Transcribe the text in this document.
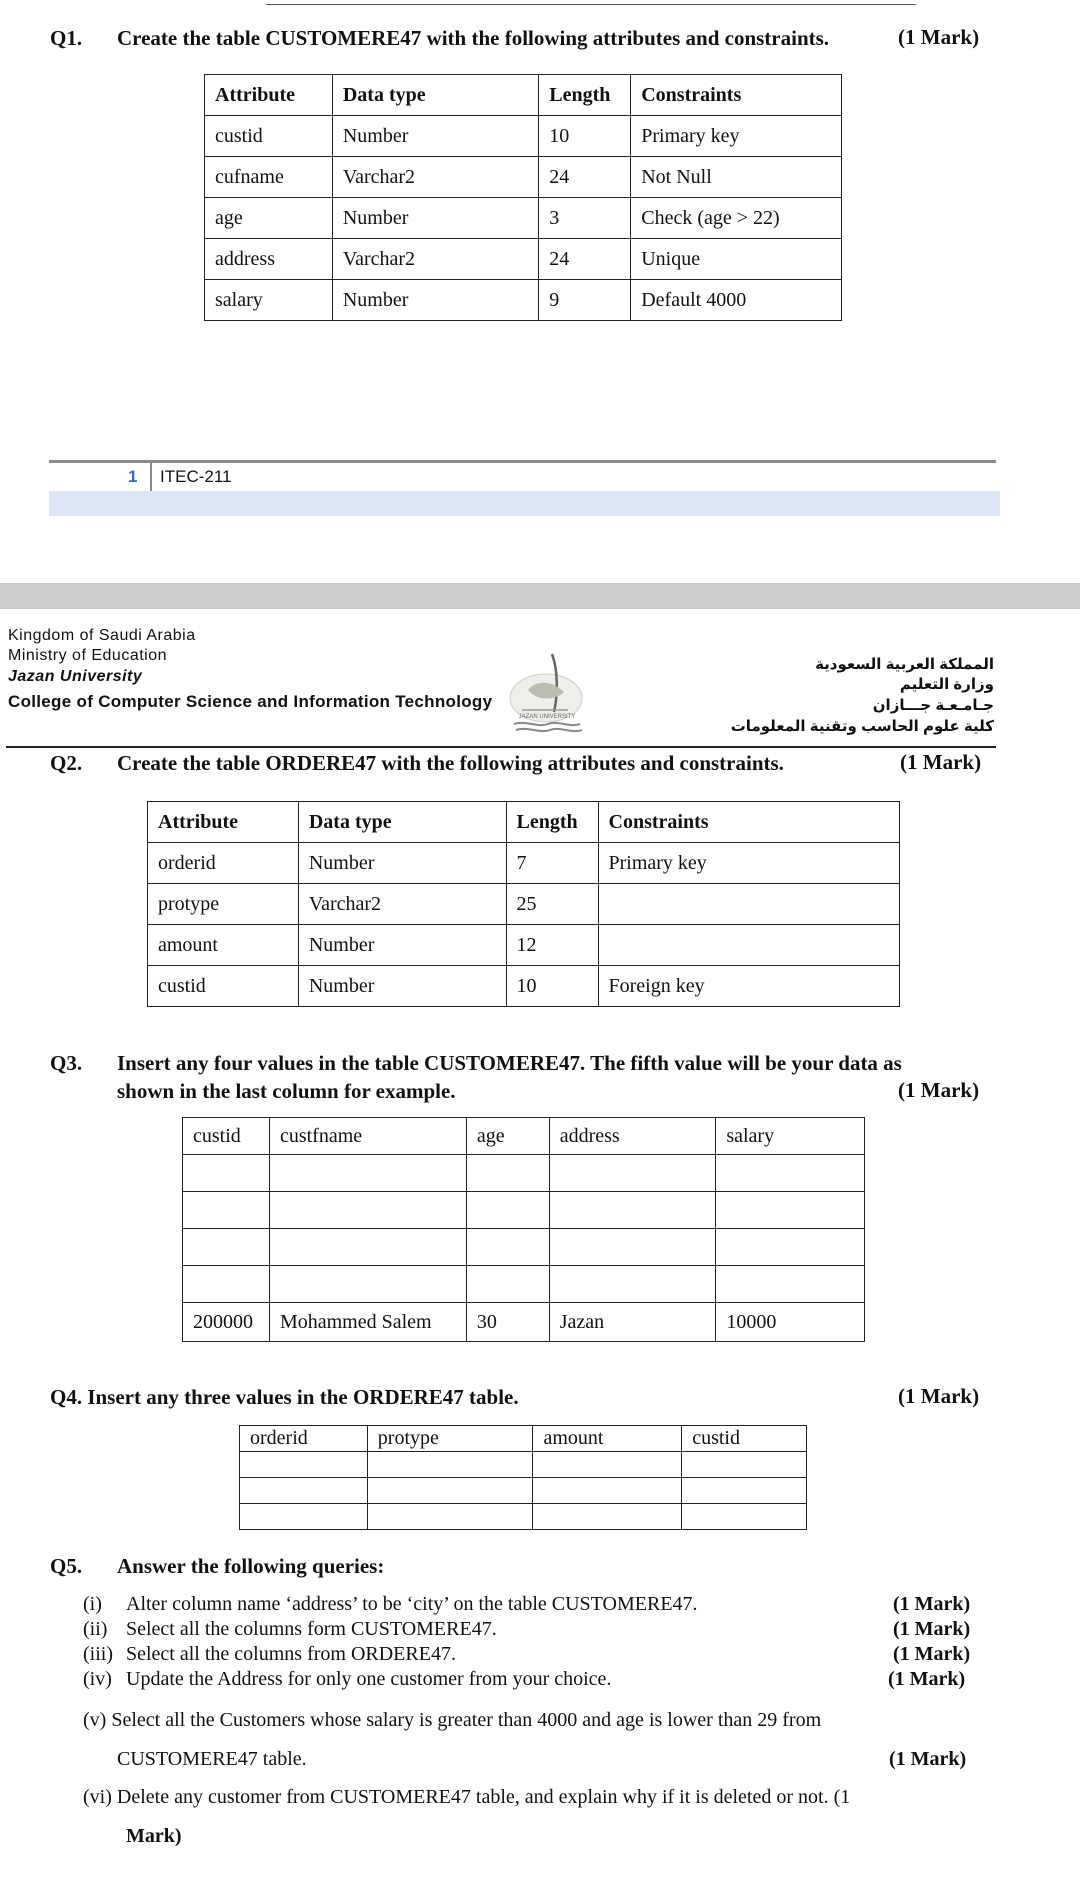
Q1. Create the table CUSTOMERE47 with the following attributes and constraints.	(1 Mark)
Attribute	Data type	Length	Constraints
custid	Number	10	Primary key
cufname	Varchar2	24	Not Null
age	Number	3	Check (age > 22)
address	Varchar2	24	Unique
salary	Number	9	Default 4000
1 ITEC-211
Kingdom of Saudi Arabia
Ministry of Education
Jazan University
College of Computer Science and Information Technology
JAZAN UNIVERSITY
المملكة العربية السعودية
وزارة التعليم
جـامـعـة جـــازان
كلية علوم الحاسب وتقنية المعلومات
Q2. Create the table ORDERE47 with the following attributes and constraints.	(1 Mark)
Attribute	Data type	Length	Constraints
orderid	Number	7	Primary key
protype	Varchar2	25	
amount	Number	12	
custid	Number	10	Foreign key
Q3. Insert any four values in the table CUSTOMERE47. The fifth value will be your data as
shown in the last column for example.	(1 Mark)
custid	custfname	age	address	salary

200000	Mohammed Salem	30	Jazan	10000
Q4. Insert any three values in the ORDERE47 table.	(1 Mark)
orderid	protype	amount	custid

Q5. Answer the following queries:
(i) Alter column name ‘address’ to be ‘city’ on the table CUSTOMERE47.	(1 Mark)
(ii) Select all the columns form CUSTOMERE47.	(1 Mark)
(iii) Select all the columns from ORDERE47.	(1 Mark)
(iv) Update the Address for only one customer from your choice.	(1 Mark)
(v) Select all the Customers whose salary is greater than 4000 and age is lower than 29 from
CUSTOMERE47 table.	(1 Mark)
(vi) Delete any customer from CUSTOMERE47 table, and explain why if it is deleted or not. (1
Mark)
